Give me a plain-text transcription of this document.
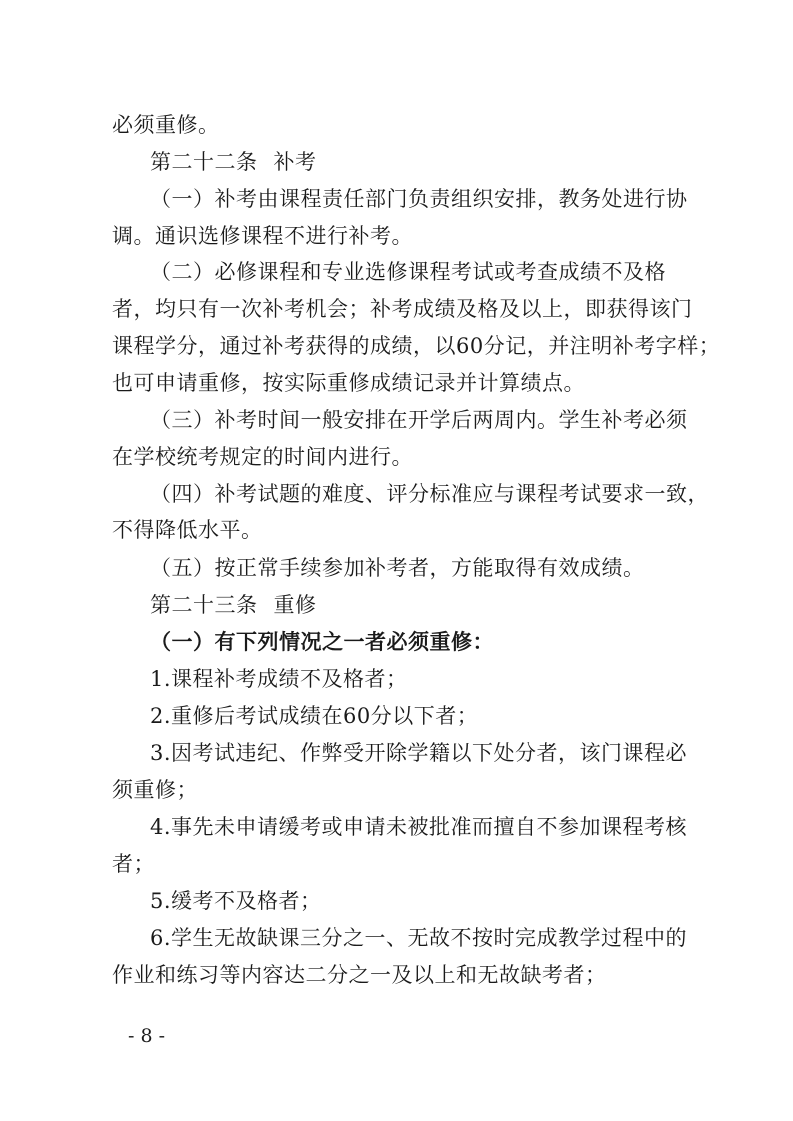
必须重修。
第二十二条 补考
（一）补考由课程责任部门负责组织安排，教务处进行协
调。通识选修课程不进行补考。
（二）必修课程和专业选修课程考试或考查成绩不及格
者，均只有一次补考机会；补考成绩及格及以上，即获得该门
课程学分，通过补考获得的成绩，以60分记，并注明补考字样；
也可申请重修，按实际重修成绩记录并计算绩点。
（三）补考时间一般安排在开学后两周内。学生补考必须
在学校统考规定的时间内进行。
（四）补考试题的难度、评分标准应与课程考试要求一致，
不得降低水平。
（五）按正常手续参加补考者，方能取得有效成绩。
第二十三条 重修
（一）有下列情况之一者必须重修：
1.课程补考成绩不及格者；
2.重修后考试成绩在60分以下者；
3.因考试违纪、作弊受开除学籍以下处分者，该门课程必
须重修；
4.事先未申请缓考或申请未被批准而擅自不参加课程考核
者；
5.缓考不及格者；
6.学生无故缺课三分之一、无故不按时完成教学过程中的
作业和练习等内容达二分之一及以上和无故缺考者；
- 8 -
